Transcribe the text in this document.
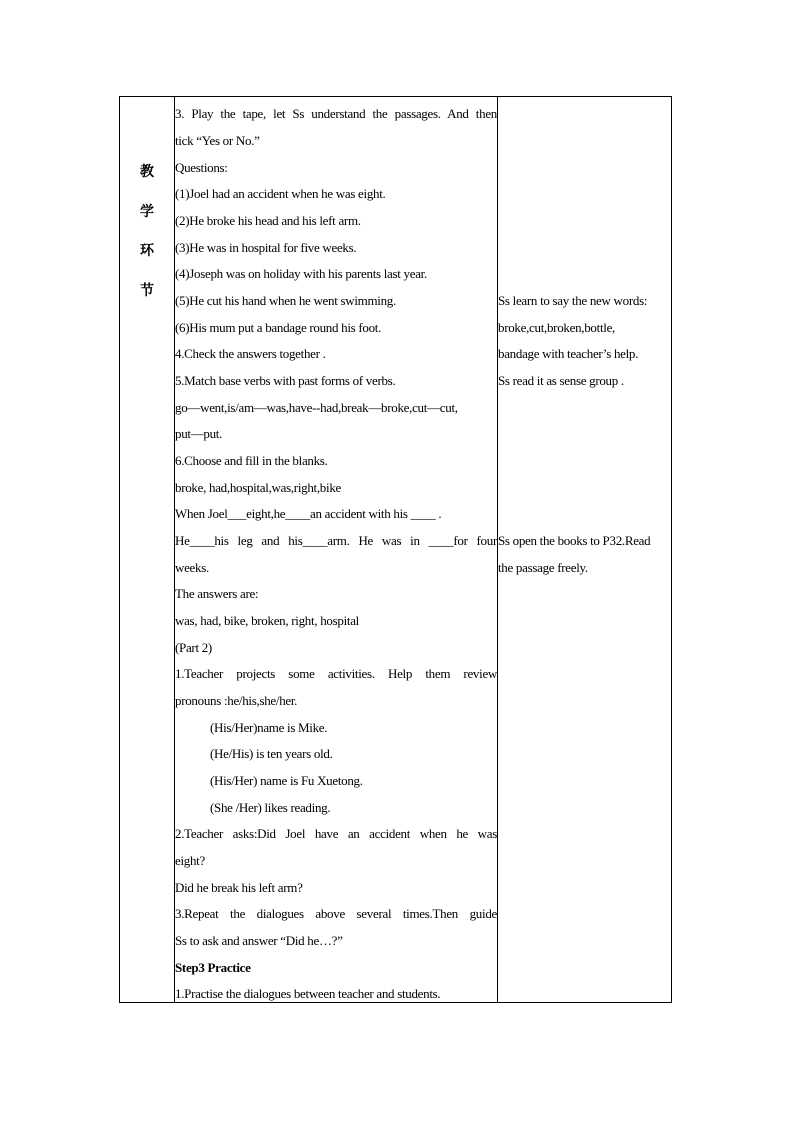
教
学
环
节
3. Play the tape, let Ss understand the passages. And then
tick “Yes or No.”
Questions:
(1)Joel had an accident when he was eight.
(2)He broke his head and his left arm.
(3)He was in hospital for five weeks.
(4)Joseph was on holiday with his parents last year.
(5)He cut his hand when he went swimming.
(6)His mum put a bandage round his foot.
4.Check the answers together .
5.Match base verbs with past forms of verbs.
go—went,is/am—was,have--had,break—broke,cut—cut,
put—put.
6.Choose and fill in the blanks.
broke, had,hospital,was,right,bike
When Joel___eight,he____an accident with his ____ .
He____his leg and his____arm. He was in ____for four
weeks.
The answers are:
was, had, bike, broken, right, hospital
(Part 2)
1.Teacher projects some activities. Help them review
pronouns :he/his,she/her.
(His/Her)name is Mike.
(He/His) is ten years old.
(His/Her) name is Fu Xuetong.
(She /Her) likes reading.
2.Teacher asks:Did Joel have an accident when he was
eight?
Did he break his left arm?
3.Repeat the dialogues above several times.Then guide
Ss to ask and answer “Did he…?”
Step3 Practice
1.Practise the dialogues between teacher and students.
Ss learn to say the new words:
broke,cut,broken,bottle,
bandage with teacher’s help.
Ss read it as sense group .
Ss open the books to P32.Read
the passage freely.
